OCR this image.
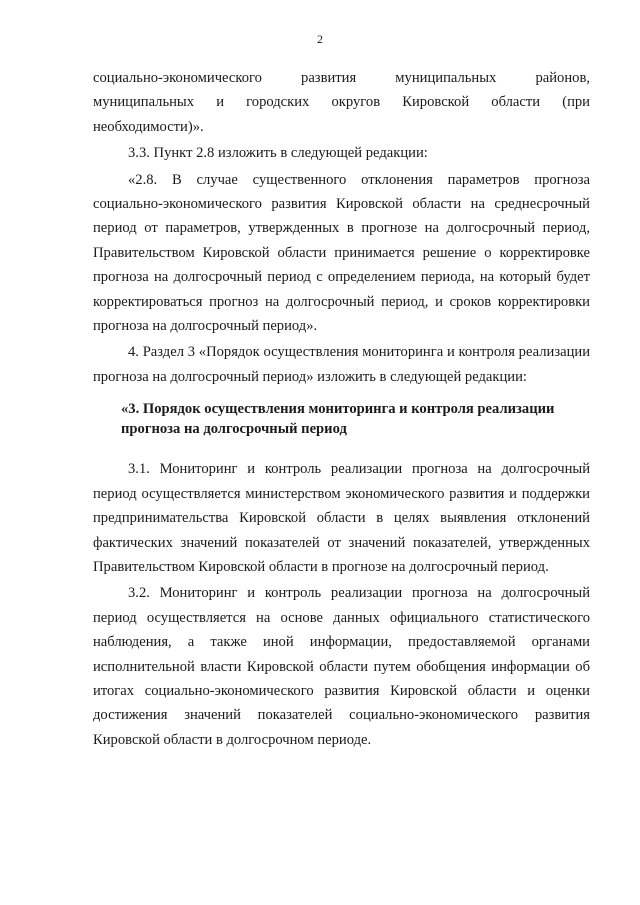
2

социально-экономического развития муниципальных районов,

муниципальных и городских округов Кировской области (при

необходимости)».

3.3. Пункт 2.8 изложить в следующей редакции:

«2.8. В случае существенного отклонения параметров прогноза социально-экономического развития Кировской области на среднесрочный период от параметров, утвержденных в прогнозе на долгосрочный период, Правительством Кировской области принимается решение о корректировке прогноза на долгосрочный период с определением периода, на который будет корректироваться прогноз на долгосрочный период, и сроков корректировки прогноза на долгосрочный период».

4. Раздел 3 «Порядок осуществления мониторинга и контроля реализации прогноза на долгосрочный период» изложить в следующей редакции:

«3. Порядок осуществления мониторинга и контроля реализации
прогноза на долгосрочный период

3.1. Мониторинг и контроль реализации прогноза на долгосрочный период осуществляется министерством экономического развития и поддержки предпринимательства Кировской области в целях выявления отклонений фактических значений показателей от значений показателей, утвержденных Правительством Кировской области в прогнозе на долгосрочный период.

3.2. Мониторинг и контроль реализации прогноза на долгосрочный период осуществляется на основе данных официального статистического наблюдения, а также иной информации, предоставляемой органами исполнительной власти Кировской области путем обобщения информации об итогах социально-экономического развития Кировской области и оценки достижения значений показателей социально-экономического развития Кировской области в долгосрочном периоде.
